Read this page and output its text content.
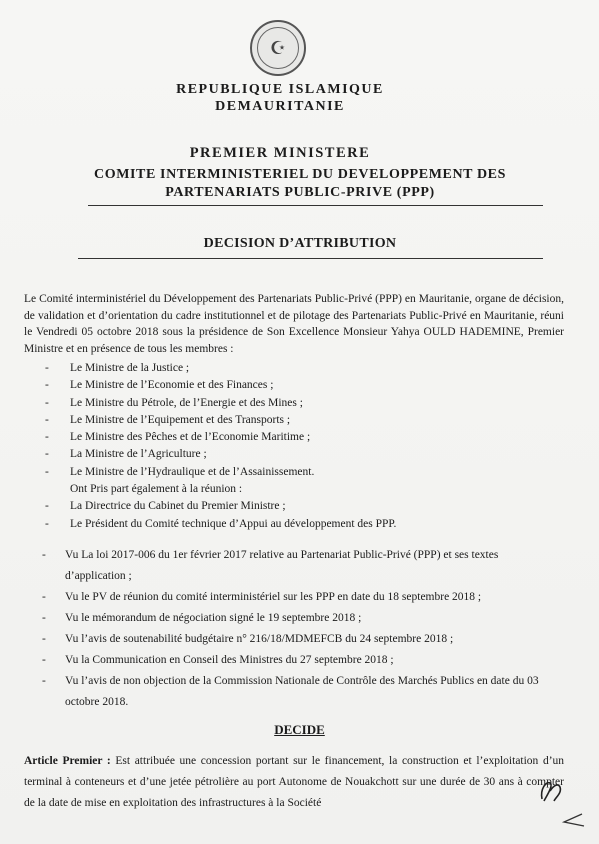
☪
REPUBLIQUE ISLAMIQUE
DEMAURITANIE
PREMIER MINISTERE
COMITE INTERMINISTERIEL DU DEVELOPPEMENT DES
PARTENARIATS PUBLIC-PRIVE (PPP)
DECISION D’ATTRIBUTION
Le Comité interministériel du Développement des Partenariats Public-Privé (PPP) en Mauritanie, organe de décision, de validation et d’orientation du cadre institutionnel et de pilotage des Partenariats Public-Privé en Mauritanie, réuni le Vendredi 05 octobre 2018 sous la présidence de Son Excellence Monsieur Yahya OULD HADEMINE, Premier Ministre et en présence de tous les membres :
- Le Ministre de la Justice ;
- Le Ministre de l’Economie et des Finances ;
- Le Ministre du Pétrole, de l’Energie et des Mines ;
- Le Ministre de l’Equipement et des Transports ;
- Le Ministre des Pêches et de l’Economie Maritime ;
- La Ministre de l’Agriculture ;
- Le Ministre de l’Hydraulique et de l’Assainissement.
Ont Pris part également à la réunion :
- La Directrice du Cabinet du Premier Ministre ;
- Le Président du Comité technique d’Appui au développement des PPP.
- Vu La loi 2017-006 du 1er février 2017 relative au Partenariat Public-Privé (PPP) et ses textes d’application ;
- Vu le PV de réunion du comité interministériel sur les PPP en date du 18 septembre 2018 ;
- Vu le mémorandum de négociation signé le 19 septembre 2018 ;
- Vu l’avis de soutenabilité budgétaire n° 216/18/MDMEFCB du 24 septembre 2018 ;
- Vu la Communication en Conseil des Ministres du 27 septembre 2018 ;
- Vu l’avis de non objection de la Commission Nationale de Contrôle des Marchés Publics en date du 03 octobre 2018.
DECIDE
Article Premier : Est attribuée une concession portant sur le financement, la construction et l’exploitation d’un terminal à conteneurs et d’une jetée pétrolière au port Autonome de Nouakchott sur une durée de 30 ans à compter de la date de mise en exploitation des infrastructures à la Société
